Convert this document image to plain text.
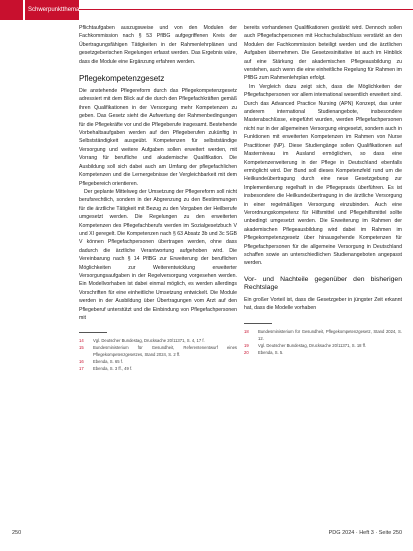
Schwerpunktthema

Pflichtaufgaben auszugsweise und von den Modulen der Fachkommission nach § 53 PflBG aufgegriffenen Kreis der Übertragungsfähigen Tätigkeiten in der Rahmenlehrplänen und gesetzgeberischen Regelungen erfasst werden. Das Ergebnis wäre, dass die Module eine Ergänzung erfahren werden.

Pflegekompetenzgesetz

Die anstehende Pflegereform durch das Pflegekompetenzgesetz adressiert mit dem Blick auf die durch den Pflegefachkräften gemäß ihren Qualifikationen in der Versorgung mehr Kompetenzen zu geben. Das Gesetz sieht die Aufwertung der Rahmenbedingungen für die Pflegekräfte vor und die Pflegeberufe insgesamt. Bestehende Vorbehaltsaufgaben werden auf den Pflegeberufen zukünftig in Selbstständigkeit ausgeübt. Kompetenzen für selbstständige Versorgung und weitere Aufgaben sollen erweitert werden, mit Vorrang für berufliche und akademische Qualifikation. Die Ausbildung soll sich dabei auch am Umfang der pflegefachlichen Kompetenzen und die Lernergebnisse der Vergleichbarkeit mit dem Pflegebereich orientieren.

Der geplante Mittelweg der Umsetzung der Pflegereform soll nicht berufsrechtlich, sondern in der Abgrenzung zu den Bestimmungen für die ärztliche Tätigkeit mit Bezug zu den Vorgaben der Heilberufe umgesetzt werden. Die Regelungen zu den erweiterten Kompetenzen des Pflegefachberufs werden im Sozialgesetzbuch V und XI geregelt. Die Kompetenzen nach § 63 Absatz 3b und 3c SGB V können Pflegefachpersonen übertragen werden, ohne dass dadurch die ärztliche Verantwortung aufgehoben wird. Die Vereinbarung nach § 14 PflBG zur Erweiterung der beruflichen Möglichkeiten zur Weiterentwicklung erweiterter Versorgungsaufgaben in der Regelversorgung vorgesehen werden. Ein Modellvorhaben ist dabei einmal möglich, es werden allerdings Vorschriften für eine einheitliche Umsetzung entwickelt. Die Module werden in der Ausbildung über Übertragungen vom Arzt auf den Pflegeberuf unterstützt und die Einbindung von Pflegefachpersonen mit

14	Vgl. Deutscher Bundestag, Drucksache 20/11371, S. 4, 17 f.
15	Bundesministerium für Gesundheit, Referentenentwurf eines Pflegekompetenzgesetzes, Stand 2024, S. 2 ff.
16	Ebenda, S. 65 f.
17	Ebenda, S. 3 ff., 49 f.

bereits vorhandenen Qualifikationen gestärkt wird. Dennoch sollen auch Pflegefachpersonen mit Hochschulabschluss verstärkt an den Modulen der Fachkommission beteiligt werden und die ärztlichen Aufgaben übernehmen. Die Gesetzesinitiative ist auch im Hinblick auf eine Stärkung der akademischen Pflegeausbildung zu verstehen, auch wenn die eine einheitliche Regelung für Rahmen im PflBG zum Rahmenlehrplan erfolgt.

Im Vergleich dazu zeigt sich, dass die Möglichkeiten der Pflegefachpersonen vor allem international wesentlich erweitert sind. Durch das Advanced Practice Nursing (APN) Konzept, das unter anderem international Studienangebote, insbesondere Masterabschlüsse, eingeführt wurden, werden Pflegefachpersonen nicht nur in der allgemeinen Versorgung eingesetzt, sondern auch in Funktionen mit erweiterten Kompetenzen im Rahmen von Nurse Practitioner (NP). Diese Studiengänge sollen Qualifikationen auf Masterniveau im Ausland ermöglichen, so dass eine Kompetenzerweiterung in der Pflege in Deutschland ebenfalls ermöglicht wird. Der Bund soll dieses Kompetenzfeld rund um die Heilkundeübertragung durch eine neue Gesetzgebung zur Implementierung regelhaft in die Pflegepraxis überführen. Es ist insbesondere die Heilkundeübertragung in die ärztliche Versorgung in einer regelmäßigen Versorgung einzubinden. Auch eine Verordnungskompetenz für Hilfsmittel und Pflegehilfsmittel sollte unbedingt umgesetzt werden. Die Erweiterung im Rahmen der akademischen Pflegeausbildung wird dabei im Rahmen im Pflegekompetenzgesetz über hinausgehende Kompetenzen für Pflegefachpersonen für die allgemeine Versorgung in Deutschland schaffen sowie an unterschiedlichen Studienangeboten angepasst werden.

Vor- und Nachteile gegenüber den bisherigen Rechtslage

Ein großer Vorteil ist, dass die Gesetzgeber in jüngster Zeit erkannt hat, dass die Modelle vorhaben

18	Bundesministerium für Gesundheit, Pflegekompetenzgesetz, Stand 2024, S. 12.
19	Vgl. Deutscher Bundestag, Drucksache 20/11371, S. 18 ff.
20	Ebenda, S. 5.
250	PDG 2024 · Heft 3 · Seite 250
